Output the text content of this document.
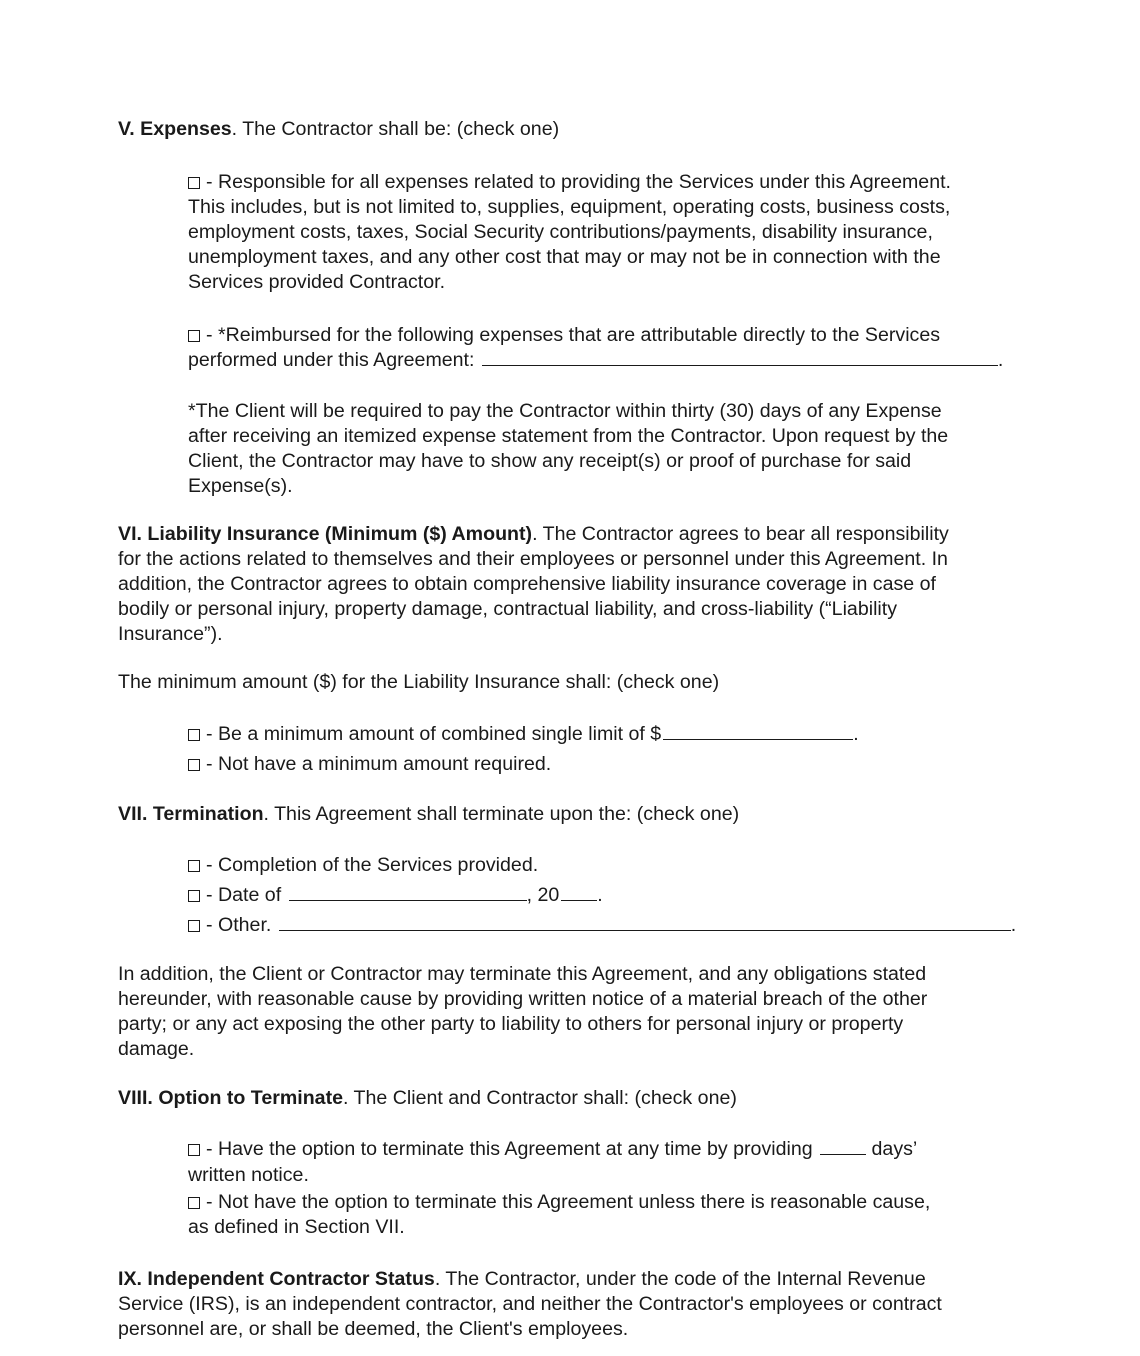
V. Expenses. The Contractor shall be: (check one)

- Responsible for all expenses related to providing the Services under this Agreement.
This includes, but is not limited to, supplies, equipment, operating costs, business costs,
employment costs, taxes, Social Security contributions/payments, disability insurance,
unemployment taxes, and any other cost that may or may not be in connection with the
Services provided Contractor.

- *Reimbursed for the following expenses that are attributable directly to the Services
performed under this Agreement:	.

*The Client will be required to pay the Contractor within thirty (30) days of any Expense
after receiving an itemized expense statement from the Contractor. Upon request by the
Client, the Contractor may have to show any receipt(s) or proof of purchase for said
Expense(s).

VI. Liability Insurance (Minimum ($) Amount). The Contractor agrees to bear all responsibility
for the actions related to themselves and their employees or personnel under this Agreement. In
addition, the Contractor agrees to obtain comprehensive liability insurance coverage in case of
bodily or personal injury, property damage, contractual liability, and cross-liability (“Liability
Insurance”).

The minimum amount ($) for the Liability Insurance shall: (check one)

- Be a minimum amount of combined single limit of $	.
- Not have a minimum amount required.

VII. Termination. This Agreement shall terminate upon the: (check one)

- Completion of the Services provided.
- Date of	, 20 .
- Other.	.

In addition, the Client or Contractor may terminate this Agreement, and any obligations stated
hereunder, with reasonable cause by providing written notice of a material breach of the other
party; or any act exposing the other party to liability to others for personal injury or property
damage.

VIII. Option to Terminate. The Client and Contractor shall: (check one)

- Have the option to terminate this Agreement at any time by providing  days’
written notice.
- Not have the option to terminate this Agreement unless there is reasonable cause,
as defined in Section VII.

IX. Independent Contractor Status. The Contractor, under the code of the Internal Revenue
Service (IRS), is an independent contractor, and neither the Contractor's employees or contract
personnel are, or shall be deemed, the Client's employees.
